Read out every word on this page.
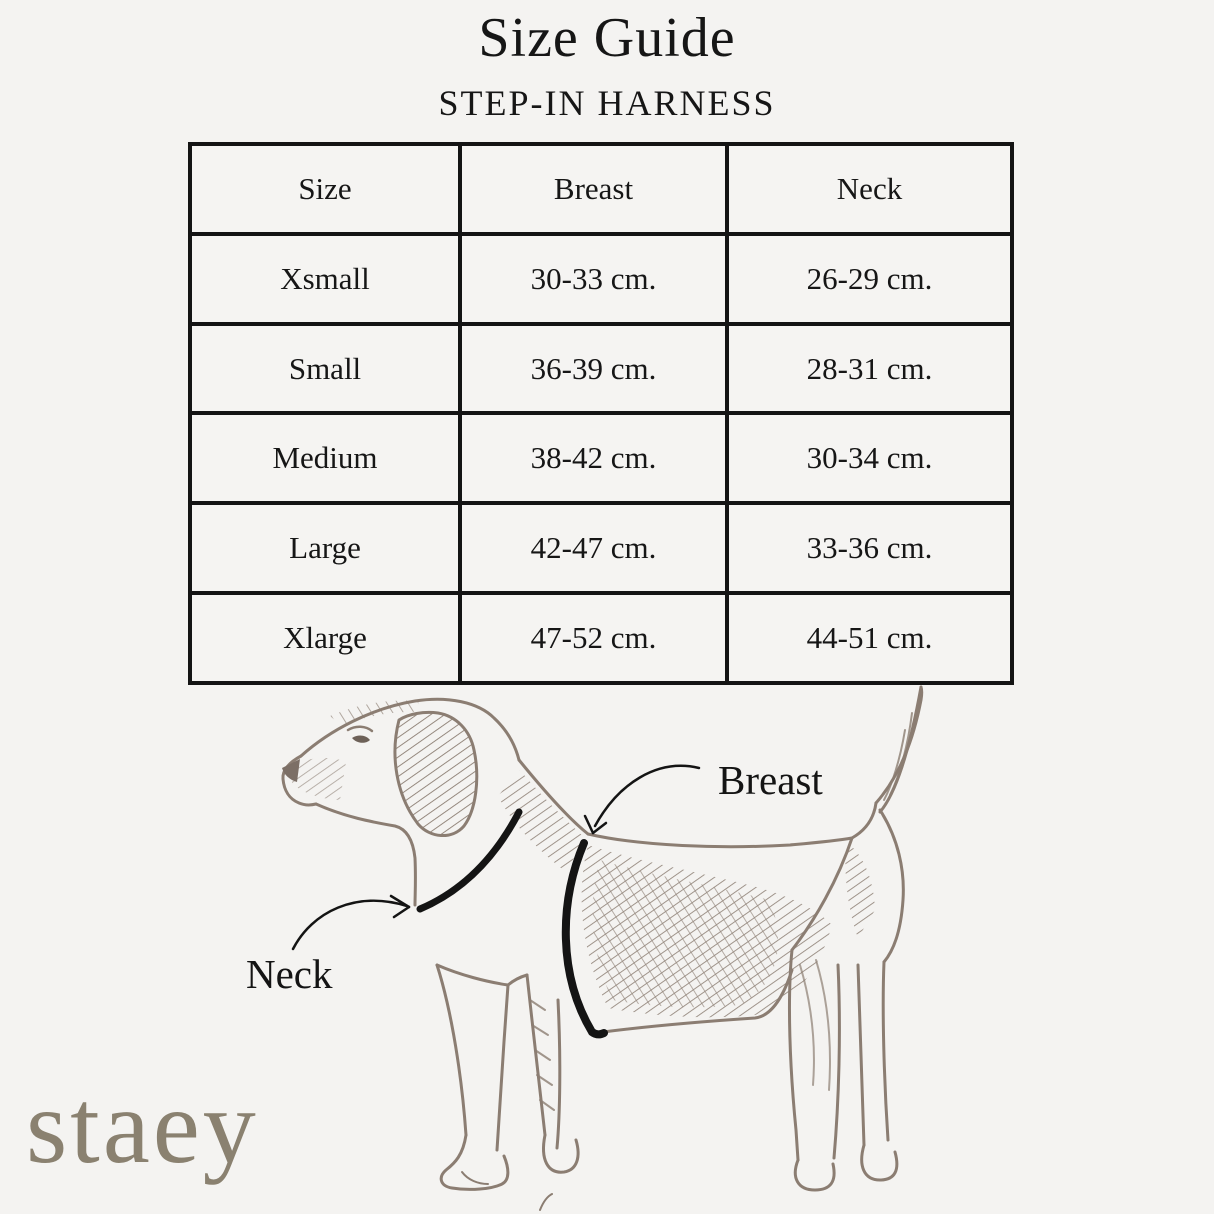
Size Guide
STEP-IN HARNESS
Size	Breast	Neck
Xsmall	30-33 cm.	26-29 cm.
Small	36-39 cm.	28-31 cm.
Medium	38-42 cm.	30-34 cm.
Large	42-47 cm.	33-36 cm.
Xlarge	47-52 cm.	44-51 cm.
Breast
Neck
staey
